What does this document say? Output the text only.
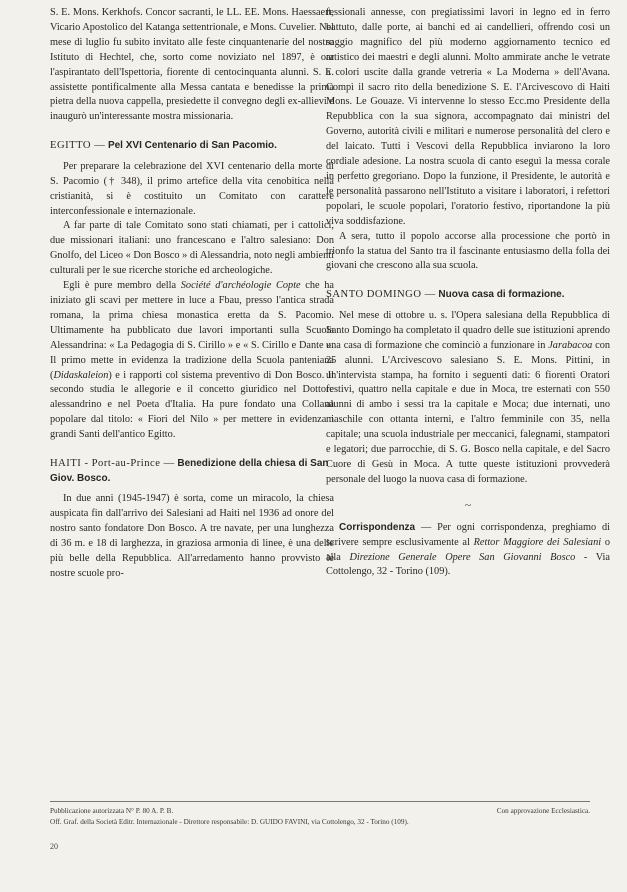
S. E. Mons. Kerkhofs. Concor sacranti, le LL. EE. Mons. Haessaert, Vicario Apostolico del Katanga settentrionale, e Mons. Cuvelier. Nel mese di luglio fu subito invitato alle feste cinquantenarie del nostro Istituto di Hechtel, che, sorto come noviziato nel 1897, è ora l'aspirantato dell'Ispettoria, fiorente di centocinquanta alunni. S. E. assistette pontificalmente alla Messa cantata e benedisse la prima pietra della nuova cappella, presiedette il convegno degli ex-allievi e inaugurò un'interessante mostra missionaria.

EGITTO — Pel XVI Centenario di San Pacomio.

Per preparare la celebrazione del XVI centenario della morte di S. Pacomio († 348), il primo artefice della vita cenobitica nella cristianità, si è costituito un Comitato con carattere interconfessionale e internazionale.

A far parte di tale Comitato sono stati chiamati, per i cattolici, due missionari italiani: uno francescano e l'altro salesiano: Don Gnolfo, del Liceo « Don Bosco » di Alessandria, noto negli ambienti culturali per le sue ricerche storiche ed archeologiche.

Egli è pure membro della Société d'archéologie Copte che ha iniziato gli scavi per mettere in luce a Fbau, presso l'antica strada romana, la prima chiesa monastica eretta da S. Pacomio. Ultimamente ha pubblicato due lavori importanti sulla Scuola Alessandrina: « La Pedagogia di S. Cirillo » e « S. Cirillo e Dante ». Il primo mette in evidenza la tradizione della Scuola panteniana (Didaskaleion) e i rapporti col sistema preventivo di Don Bosco. Il secondo studia le allegorie e il concetto giuridico nel Dottore alessandrino e nel Poeta d'Italia. Ha pure fondato una Collana popolare dal titolo: « Fiori del Nilo » per mettere in evidenza i grandi Santi dell'antico Egitto.

HAITI - Port-au-Prince — Benedizione della chiesa di San Giov. Bosco.

In due anni (1945-1947) è sorta, come un miracolo, la chiesa auspicata fin dall'arrivo dei Salesiani ad Haiti nel 1936 ad onore del nostro santo fondatore Don Bosco. A tre navate, per una lunghezza di 36 m. e 18 di larghezza, in graziosa armonia di linee, è una delle più belle della Repubblica. All'arredamento hanno provvisto le nostre scuole pro-

fessionali annesse, con pregiatissimi lavori in legno ed in ferro battuto, dalle porte, ai banchi ed ai candellieri, offrendo così un saggio magnifico del più moderno aggiornamento tecnico ed artistico dei maestri e degli alunni. Molto ammirate anche le vetrate a colori uscite dalla grande vetreria « La Moderna » dell'Avana. Compì il sacro rito della benedizione S. E. l'Arcivescovo di Haiti Mons. Le Gouaze. Vi intervenne lo stesso Ecc.mo Presidente della Repubblica con la sua signora, accompagnato dai ministri del Governo, autorità civili e militari e numerose personalità del clero e del laicato. Tutti i Vescovi della Repubblica inviarono la loro cordiale adesione. La nostra scuola di canto eseguì la messa corale in perfetto gregoriano. Dopo la funzione, il Presidente, le autorità e le personalità passarono nell'Istituto a visitare i laboratori, i refettori popolari, le scuole popolari, l'oratorio festivo, riportandone la più viva soddisfazione.

A sera, tutto il popolo accorse alla processione che portò in trionfo la statua del Santo tra il fascinante entusiasmo della folla dei giovani che crescono alla sua scuola.

SANTO DOMINGO — Nuova casa di formazione.

Nel mese di ottobre u. s. l'Opera salesiana della Repubblica di Santo Domingo ha completato il quadro delle sue istituzioni aprendo una casa di formazione che cominciò a funzionare in Jarabacoa con 25 alunni. L'Arcivescovo salesiano S. E. Mons. Pittini, in un'intervista stampa, ha fornito i seguenti dati: 6 fiorenti Oratori festivi, quattro nella capitale e due in Moca, tre esternati con 550 alunni di ambo i sessi tra la capitale e Moca; due internati, uno maschile con ottanta interni, e l'altro femminile con 35, nella capitale; una scuola industriale per meccanici, falegnami, stampatori e legatori; due parrocchie, di S. G. Bosco nella capitale, e del Sacro Cuore di Gesù in Moca. A tutte queste istituzioni provvederà personale del luogo la nuova casa di formazione.

~

Corrispondenza — Per ogni corrispondenza, preghiamo di scrivere sempre esclusivamente al Rettor Maggiore dei Salesiani o alla Direzione Generale Opere San Giovanni Bosco - Via Cottolengo, 32 - Torino (109).

Pubblicazione autorizzata N° P. 80 A. P. B.	Con approvazione Ecclesiastica.
Off. Graf. della Società Editr. Internazionale - Direttore responsabile: D. GUIDO FAVINI, via Cottolengo, 32 - Torino (109).
20
